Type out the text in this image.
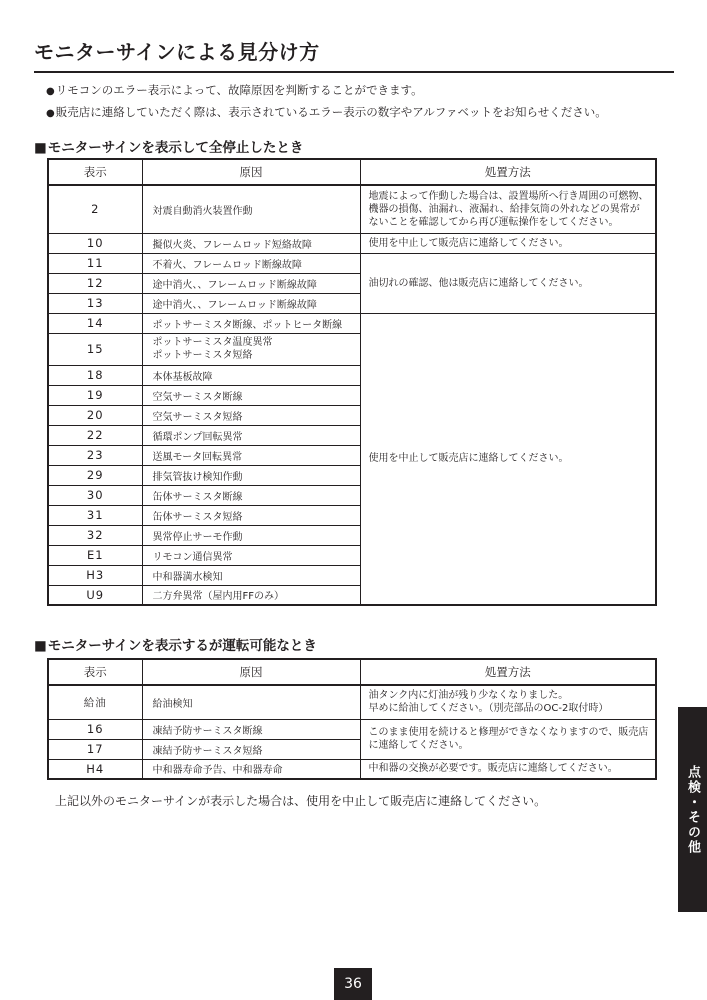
モニターサインによる見分け方
● リモコンのエラー表示によって、故障原因を判断することができます。
● 販売店に連絡していただく際は、表示されているエラー表示の数字やアルファベットをお知らせください。
■ モニターサインを表示して全停止したとき
表示	原因	処置方法
2	対震自動消火装置作動	地震によって作動した場合は、設置場所へ行き周囲の可燃物、機器の損傷、油漏れ、液漏れ、給排気筒の外れなどの異常がないことを確認してから再び運転操作をしてください。
10	擬似火炎、フレームロッド短絡故障	使用を中止して販売店に連絡してください。
11	不着火、フレームロッド断線故障	油切れの確認、他は販売店に連絡してください。
12	途中消火、、フレームロッド断線故障	
13	途中消火、、フレームロッド断線故障	
14	ポットサーミスタ断線、ポットヒータ断線	使用を中止して販売店に連絡してください。
15	ポットサーミスタ温度異常
ポットサーミスタ短絡	

18	本体基板故障	
19	空気サーミスタ断線	
20	空気サーミスタ短絡	
22	循環ポンプ回転異常	
23	送風モータ回転異常	
29	排気管抜け検知作動	
30	缶体サーミスタ断線	
31	缶体サーミスタ短絡	
32	異常停止サーモ作動	
E1	リモコン通信異常	
H3	中和器満水検知	
U9	二方弁異常（屋内用FFのみ）	
■ モニターサインを表示するが運転可能なとき
表示	原因	処置方法
給油	給油検知	油タンク内に灯油が残り少なくなりました。
早めに給油してください。（別売部品のOC-2取付時）

16	凍結予防サーミスタ断線	このまま使用を続けると修理ができなくなりますので、販売店に連絡してください。
17	凍結予防サーミスタ短絡	
H4	中和器寿命予告、中和器寿命	中和器の交換が必要です。販売店に連絡してください。
上記以外のモニターサインが表示した場合は、使用を中止して販売店に連絡してください。	点検・その他
36
